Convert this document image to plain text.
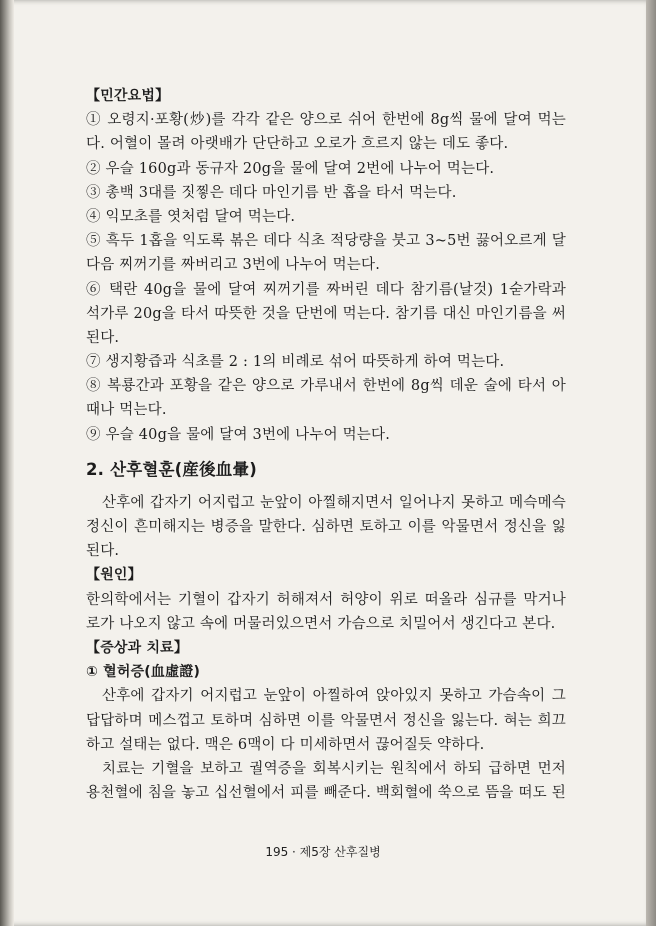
【민간요법】
① 오령지·포황(炒)를 각각 같은 양으로 쉬어 한번에 8g씩 물에 달여 먹는
다. 어혈이 몰려 아랫배가 단단하고 오로가 흐르지 않는 데도 좋다.
② 우슬 160g과 동규자 20g을 물에 달여 2번에 나누어 먹는다.
③ 총백 3대를 짓찧은 데다 마인기름 반 홉을 타서 먹는다.
④ 익모초를 엿처럼 달여 먹는다.
⑤ 흑두 1홉을 익도록 볶은 데다 식초 적당량을 붓고 3~5번 끓어오르게 달
다음 찌꺼기를 짜버리고 3번에 나누어 먹는다.
⑥ 택란 40g을 물에 달여 찌꺼기를 짜버린 데다 참기름(날것) 1숟가락과
석가루 20g을 타서 따뜻한 것을 단번에 먹는다. 참기름 대신 마인기름을 써
된다.
⑦ 생지황즙과 식초를 2 : 1의 비례로 섞어 따뜻하게 하여 먹는다.
⑧ 복룡간과 포황을 같은 양으로 가루내서 한번에 8g씩 데운 술에 타서 아
때나 먹는다.
⑨ 우슬 40g을 물에 달여 3번에 나누어 먹는다.
2. 산후혈훈(産後血暈)
산후에 갑자기 어지럽고 눈앞이 아찔해지면서 일어나지 못하고 메슥메슥
정신이 흔미해지는 병증을 말한다. 심하면 토하고 이를 악물면서 정신을 잃
된다.
【원인】
한의학에서는 기혈이 갑자기 허해져서 허양이 위로 떠올라 심규를 막거나
로가 나오지 않고 속에 머물러있으면서 가슴으로 치밀어서 생긴다고 본다.
【증상과 치료】
① 혈허증(血虛證)
산후에 갑자기 어지럽고 눈앞이 아찔하여 앉아있지 못하고 가슴속이 그
답답하며 메스껍고 토하며 심하면 이를 악물면서 정신을 잃는다. 혀는 희끄
하고 설태는 없다. 맥은 6맥이 다 미세하면서 끊어질듯 약하다.
치료는 기혈을 보하고 궐역증을 회복시키는 원칙에서 하되 급하면 먼저
용천혈에 침을 놓고 십선혈에서 피를 빼준다. 백회혈에 쑥으로 뜸을 떠도 된
195 · 제5장 산후질병
